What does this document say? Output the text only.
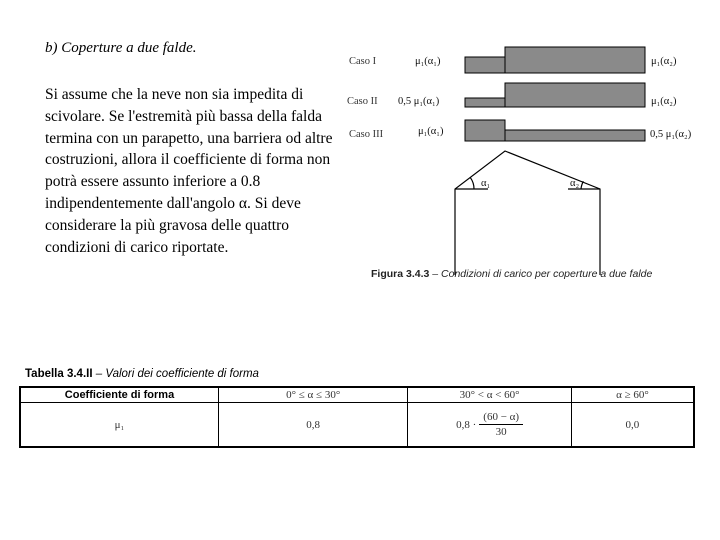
b) Coperture a due falde.
Si assume che la neve non sia impedita di scivolare. Se l'estremità più bassa della falda termina con un parapetto, una barriera od altre costruzioni, allora il coefficiente di forma non potrà essere assunto inferiore a 0.8 indipendentemente dall'angolo α. Si deve considerare la più gravosa delle quattro condizioni di carico riportate.
Caso I	μ₁(α₁)	μ₁(α₂)
Caso II 0,5 μ₁(α₁)	μ₁(α₂)
Caso III	μ₁(α₁)	0,5 μ₁(α₂)
α₁	α₂
Figura 3.4.3 – Condizioni di carico per coperture a due falde
Tabella 3.4.II – Valori dei coefficiente di forma
Coefficiente di forma	0° ≤ α ≤ 30°	30° < α < 60°	α ≥ 60°
μ₁	0,8	$0,8 \cdot \frac{(60 - \alpha)}{30}$	0,0
